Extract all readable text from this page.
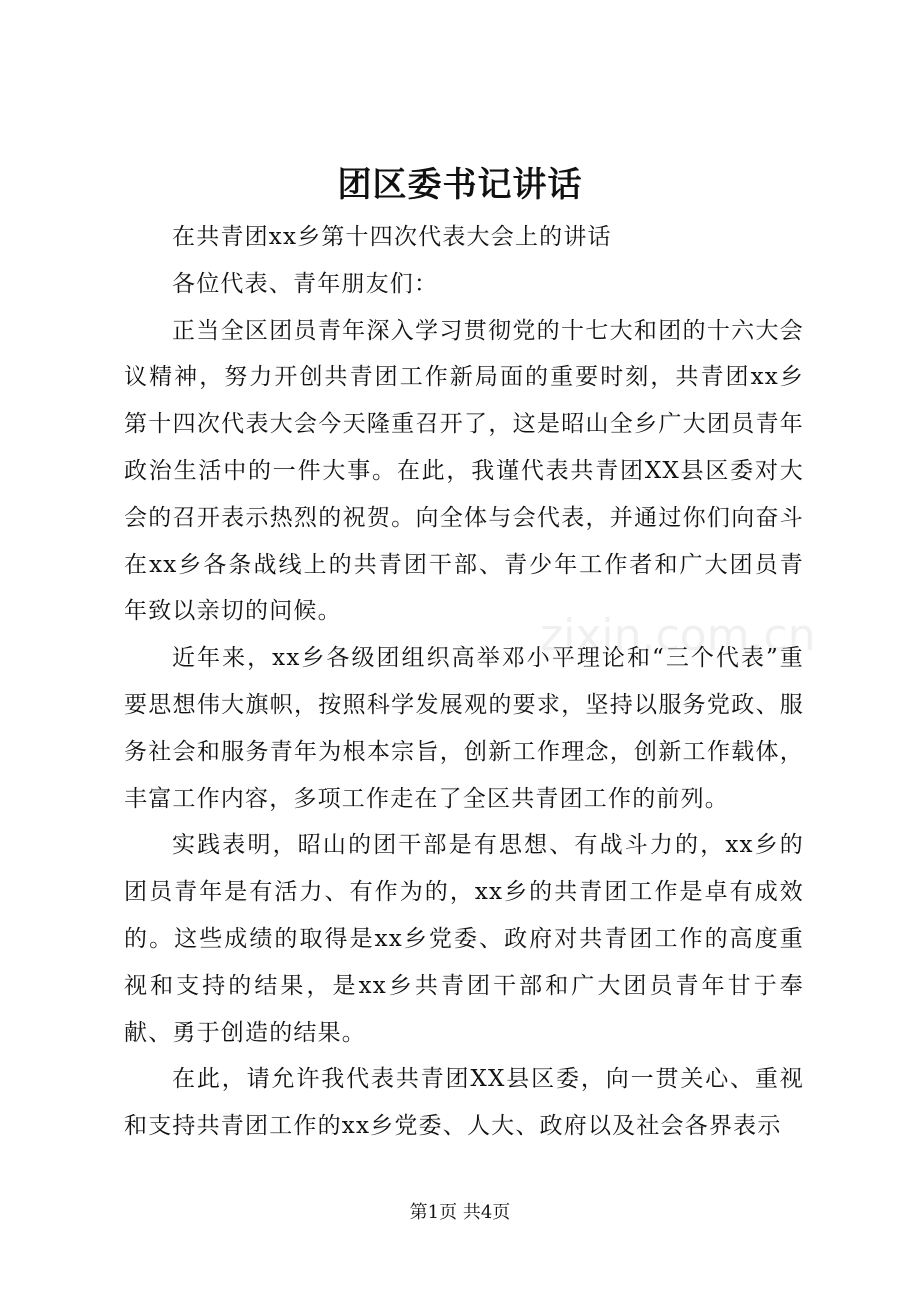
zixin.com.cn
团区委书记讲话

在共青团xx乡第十四次代表大会上的讲话

各位代表、青年朋友们：

正当全区团员青年深入学习贯彻党的十七大和团的十六大会议精神，努力开创共青团工作新局面的重要时刻，共青团xx乡第十四次代表大会今天隆重召开了，这是昭山全乡广大团员青年政治生活中的一件大事。在此，我谨代表共青团XX县区委对大会的召开表示热烈的祝贺。向全体与会代表，并通过你们向奋斗在xx乡各条战线上的共青团干部、青少年工作者和广大团员青年致以亲切的问候。

近年来，xx乡各级团组织高举邓小平理论和“三个代表”重要思想伟大旗帜，按照科学发展观的要求，坚持以服务党政、服务社会和服务青年为根本宗旨，创新工作理念，创新工作载体，丰富工作内容，多项工作走在了全区共青团工作的前列。

实践表明，昭山的团干部是有思想、有战斗力的，xx乡的团员青年是有活力、有作为的，xx乡的共青团工作是卓有成效的。这些成绩的取得是xx乡党委、政府对共青团工作的高度重视和支持的结果，是xx乡共青团干部和广大团员青年甘于奉献、勇于创造的结果。

在此，请允许我代表共青团XX县区委，向一贯关心、重视和支持共青团工作的xx乡党委、人大、政府以及社会各界表示

第1页 共4页
